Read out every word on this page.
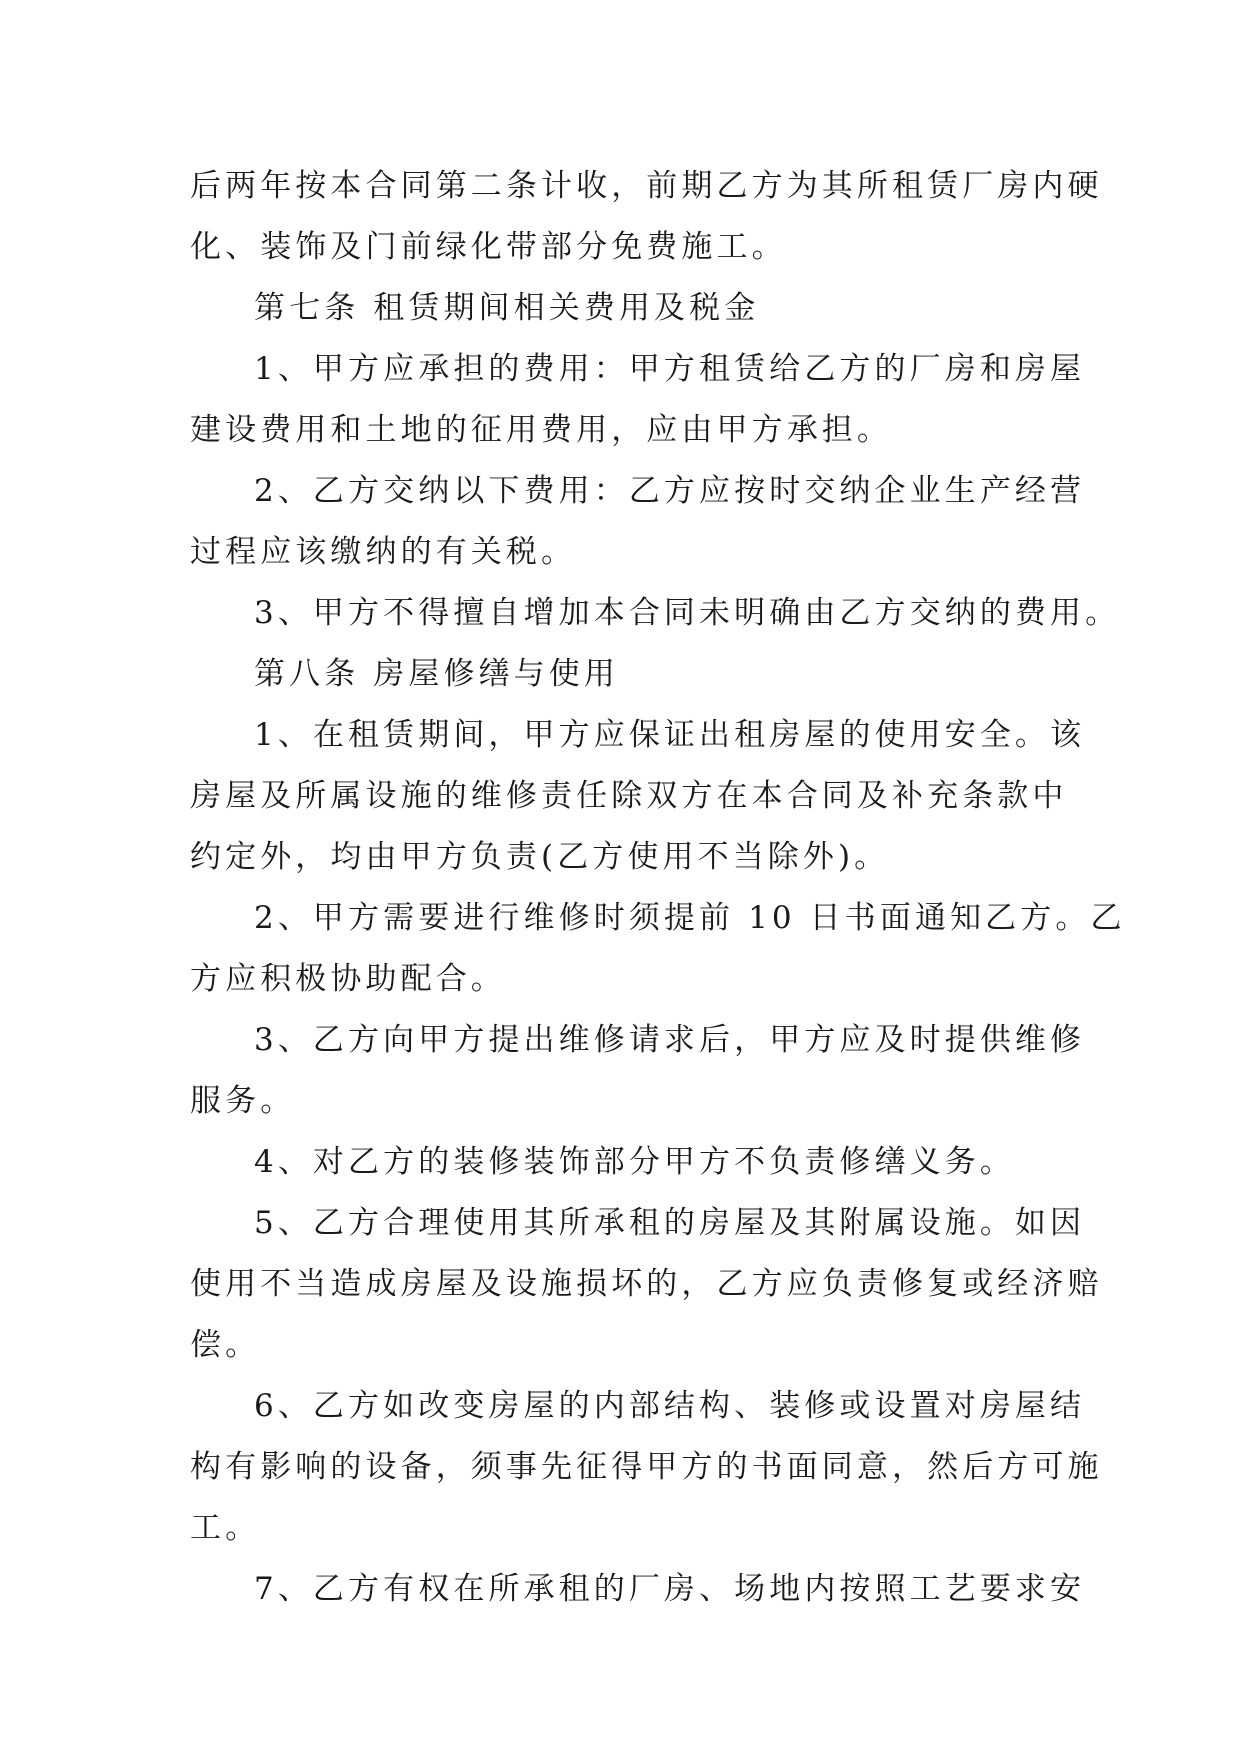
后两年按本合同第二条计收，前期乙方为其所租赁厂房内硬
化、装饰及门前绿化带部分免费施工。
第七条 租赁期间相关费用及税金
1、甲方应承担的费用：甲方租赁给乙方的厂房和房屋
建设费用和土地的征用费用，应由甲方承担。
2、乙方交纳以下费用：乙方应按时交纳企业生产经营
过程应该缴纳的有关税。
3、甲方不得擅自增加本合同未明确由乙方交纳的费用。
第八条 房屋修缮与使用
1、在租赁期间，甲方应保证出租房屋的使用安全。该
房屋及所属设施的维修责任除双方在本合同及补充条款中
约定外，均由甲方负责(乙方使用不当除外)。
2、甲方需要进行维修时须提前 10 日书面通知乙方。乙
方应积极协助配合。
3、乙方向甲方提出维修请求后，甲方应及时提供维修
服务。
4、对乙方的装修装饰部分甲方不负责修缮义务。
5、乙方合理使用其所承租的房屋及其附属设施。如因
使用不当造成房屋及设施损坏的，乙方应负责修复或经济赔
偿。
6、乙方如改变房屋的内部结构、装修或设置对房屋结
构有影响的设备，须事先征得甲方的书面同意，然后方可施
工。
7、乙方有权在所承租的厂房、场地内按照工艺要求安
